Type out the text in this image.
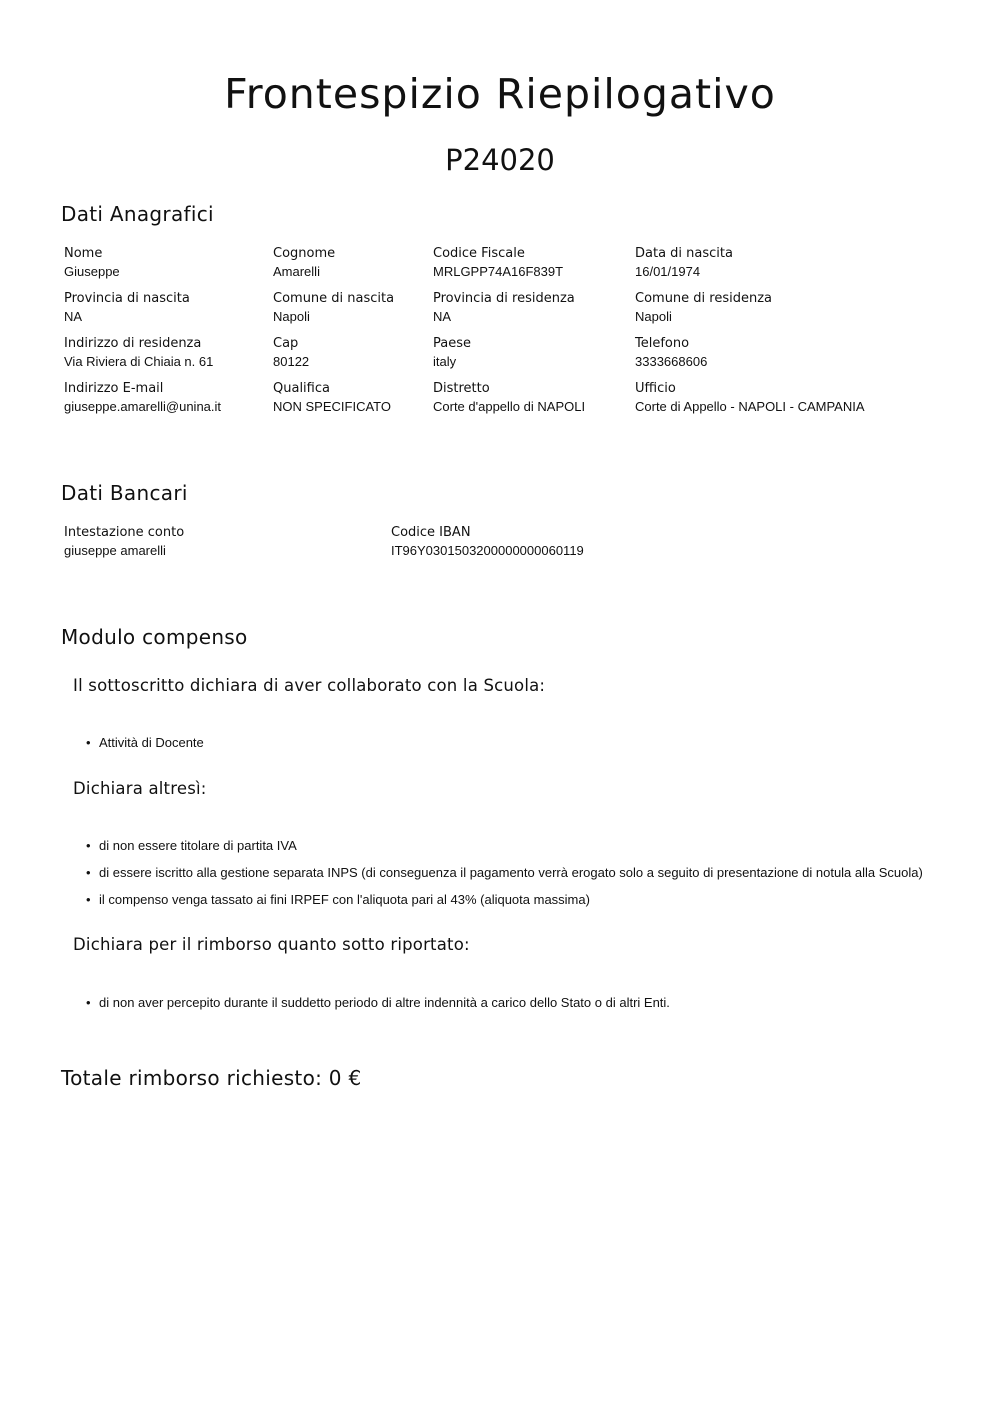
Frontespizio Riepilogativo
P24020
Dati Anagrafici
Nome
Giuseppe
Cognome
Amarelli
Codice Fiscale
MRLGPP74A16F839T
Data di nascita
16/01/1974
Provincia di nascita
NA
Comune di nascita
Napoli
Provincia di residenza
NA
Comune di residenza
Napoli
Indirizzo di residenza
Via Riviera di Chiaia n. 61
Cap
80122
Paese
italy
Telefono
3333668606
Indirizzo E-mail
giuseppe.amarelli@unina.it
Qualifica
NON SPECIFICATO
Distretto
Corte d'appello di NAPOLI
Ufficio
Corte di Appello - NAPOLI - CAMPANIA
Dati Bancari
Intestazione conto
giuseppe amarelli
Codice IBAN
IT96Y0301503200000000060119
Modulo compenso
Il sottoscritto dichiara di aver collaborato con la Scuola:
• Attività di Docente
Dichiara altresì:
• di non essere titolare di partita IVA
• di essere iscritto alla gestione separata INPS (di conseguenza il pagamento verrà erogato solo a seguito di presentazione di notula alla Scuola)
• il compenso venga tassato ai fini IRPEF con l'aliquota pari al 43% (aliquota massima)
Dichiara per il rimborso quanto sotto riportato:
• di non aver percepito durante il suddetto periodo di altre indennità a carico dello Stato o di altri Enti.
Totale rimborso richiesto: 0 €
